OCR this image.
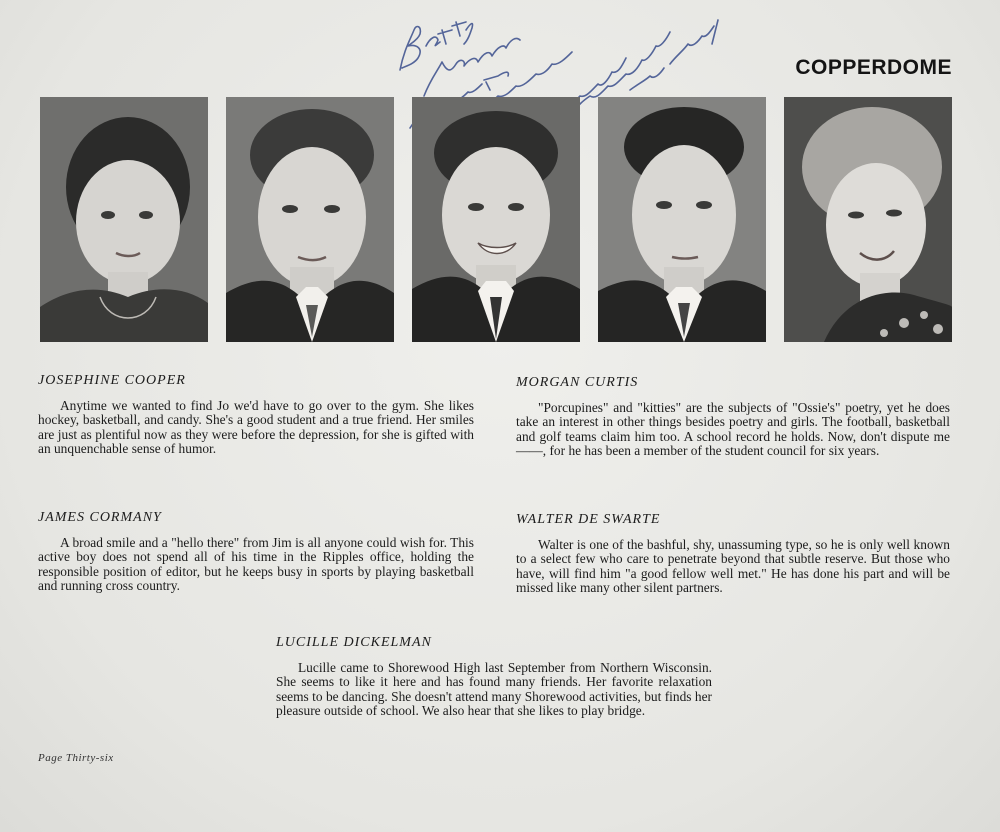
COPPERDOME
JOSEPHINE COOPER
Anytime we wanted to find Jo we'd have to go over to the gym. She likes hockey, basketball, and candy. She's a good student and a true friend. Her smiles are just as plentiful now as they were before the depression, for she is gifted with an unquenchable sense of humor.
MORGAN CURTIS
"Porcupines" and "kitties" are the subjects of "Ossie's" poetry, yet he does take an interest in other things besides poetry and girls. The football, basketball and golf teams claim him too. A school record he holds. Now, don't dispute me ——, for he has been a member of the student council for six years.
JAMES CORMANY
A broad smile and a "hello there" from Jim is all anyone could wish for. This active boy does not spend all of his time in the Ripples office, holding the responsible position of editor, but he keeps busy in sports by playing basketball and running cross country.
WALTER DE SWARTE
Walter is one of the bashful, shy, unassuming type, so he is only well known to a select few who care to penetrate beyond that subtle reserve. But those who have, will find him "a good fellow well met." He has done his part and will be missed like many other silent partners.
LUCILLE DICKELMAN
Lucille came to Shorewood High last September from Northern Wisconsin. She seems to like it here and has found many friends. Her favorite relaxation seems to be dancing. She doesn't attend many Shorewood activities, but finds her pleasure outside of school. We also hear that she likes to play bridge.
Page Thirty-six
